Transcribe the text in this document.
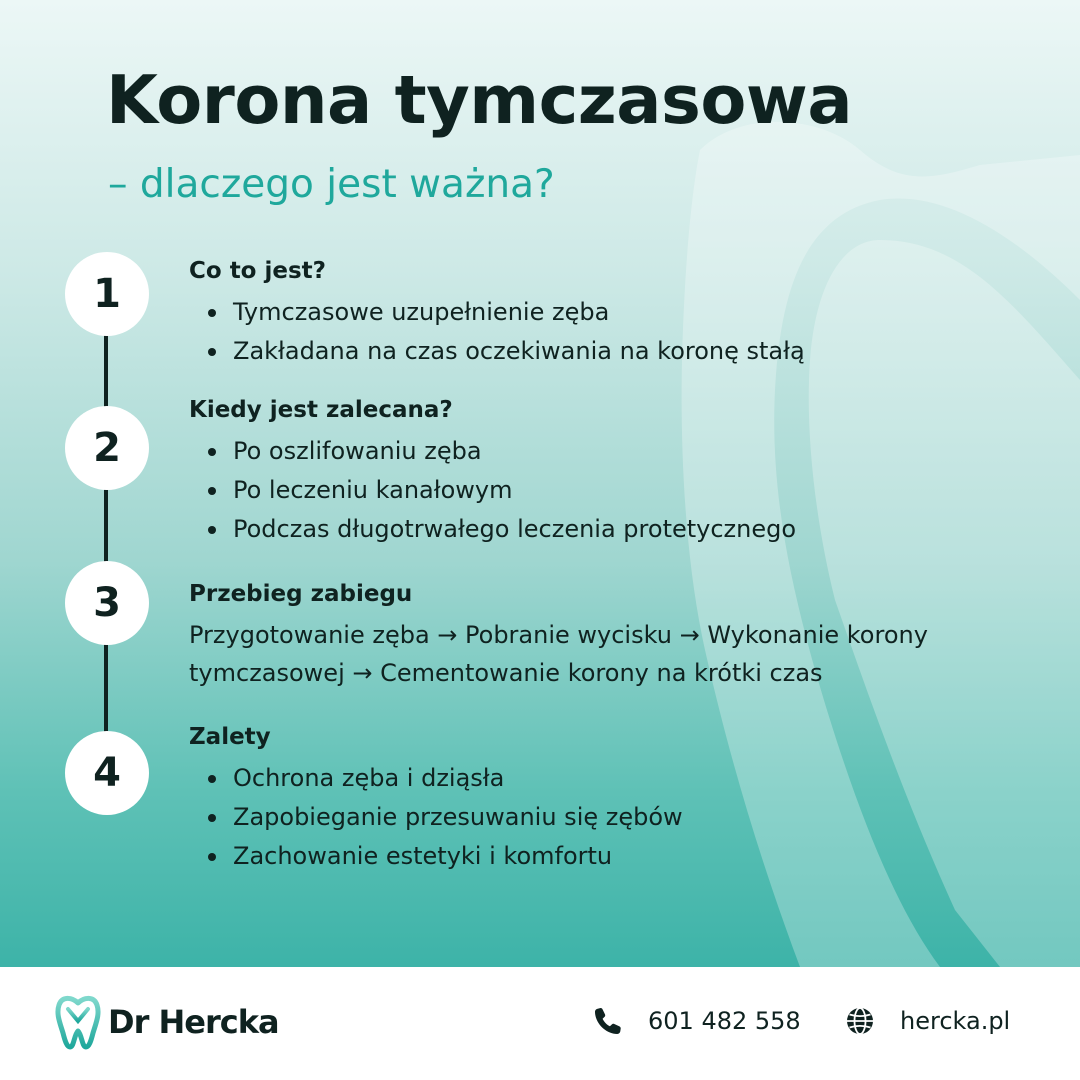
Korona tymczasowa
– dlaczego jest ważna?
1	Co to jest?
Tymczasowe uzupełnienie zęba
Zakładana na czas oczekiwania na koronę stałą
2
Kiedy jest zalecana?
Po oszlifowaniu zęba
Po leczeniu kanałowym
Podczas długotrwałego leczenia protetycznego
3	Przebieg zabiegu

Przygotowanie zęba → Pobranie wycisku → Wykonanie korony tymczasowej → Cementowanie korony na krótki czas

4
Zalety
Ochrona zęba i dziąsła
Zapobieganie przesuwaniu się zębów
Zachowanie estetyki i komfortu
Dr Hercka	601 482 558	hercka.pl
